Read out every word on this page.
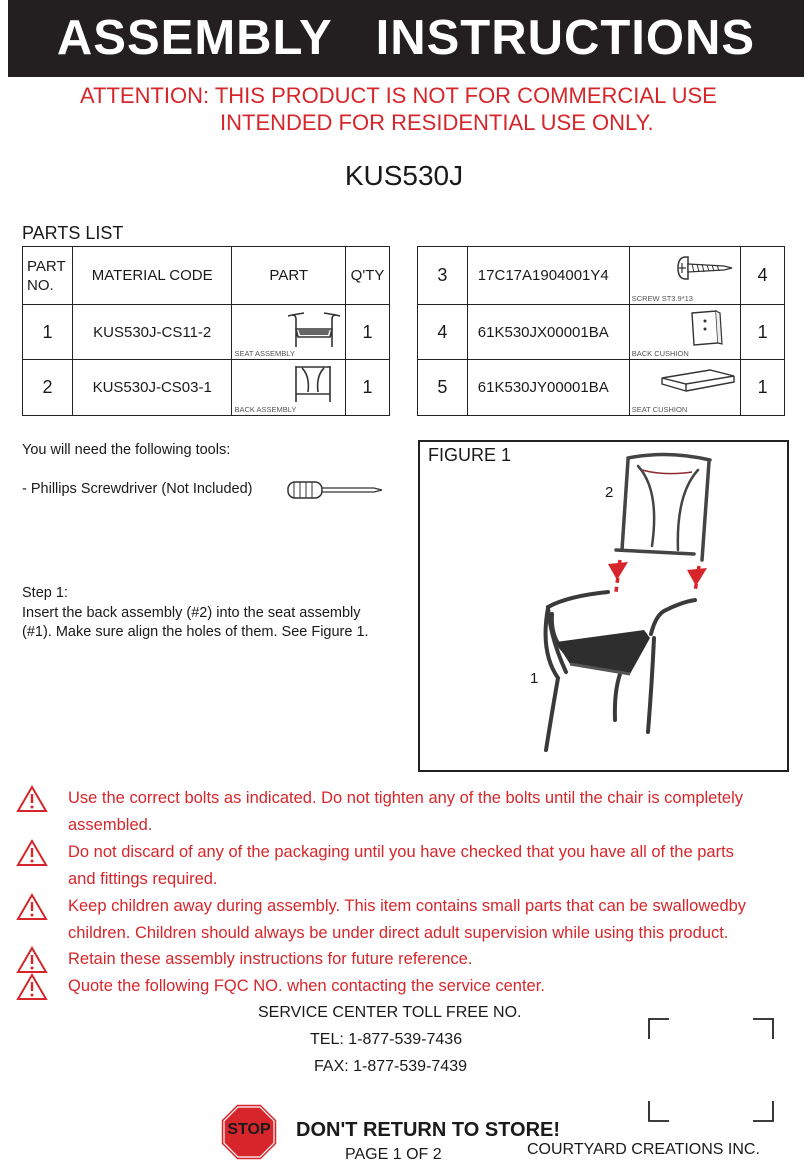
ASSEMBLY   INSTRUCTIONS
ATTENTION: THIS PRODUCT IS NOT FOR COMMERCIAL USE
INTENDED FOR RESIDENTIAL USE ONLY.
KUS530J
PARTS LIST
PART NO.	MATERIAL CODE	PART	Q'TY
1	KUS530J-CS11-2	SEAT ASSEMBLY	1
2	KUS530J-CS03-1	BACK ASSEMBLY	1
3	17C17A1904001Y4	SCREW ST3.9*13	4
4	61K530JX00001BA	BACK CUSHION	1
5	61K530JY00001BA	SEAT CUSHION	1
You will need the following tools:
- Phillips Screwdriver (Not Included)
Step 1:
Insert the back assembly (#2) into the seat assembly
(#1). Make sure align the holes of them. See Figure 1.
FIGURE 1
2
1
Use the correct bolts as indicated. Do not tighten any of the bolts until the chair is completely
assembled.
Do not discard of any of the packaging until you have checked that you have all of the parts
and fittings required.
Keep children away during assembly. This item contains small parts that can be swallowedby
children. Children should always be under direct adult supervision while using this product.
Retain these assembly instructions for future reference.
Quote the following FQC NO. when contacting the service center.
SERVICE CENTER TOLL FREE NO.
TEL: 1-877-539-7436
FAX: 1-877-539-7439
STOP	DON'T RETURN TO STORE!
PAGE 1 OF 2	COURTYARD CREATIONS INC.
